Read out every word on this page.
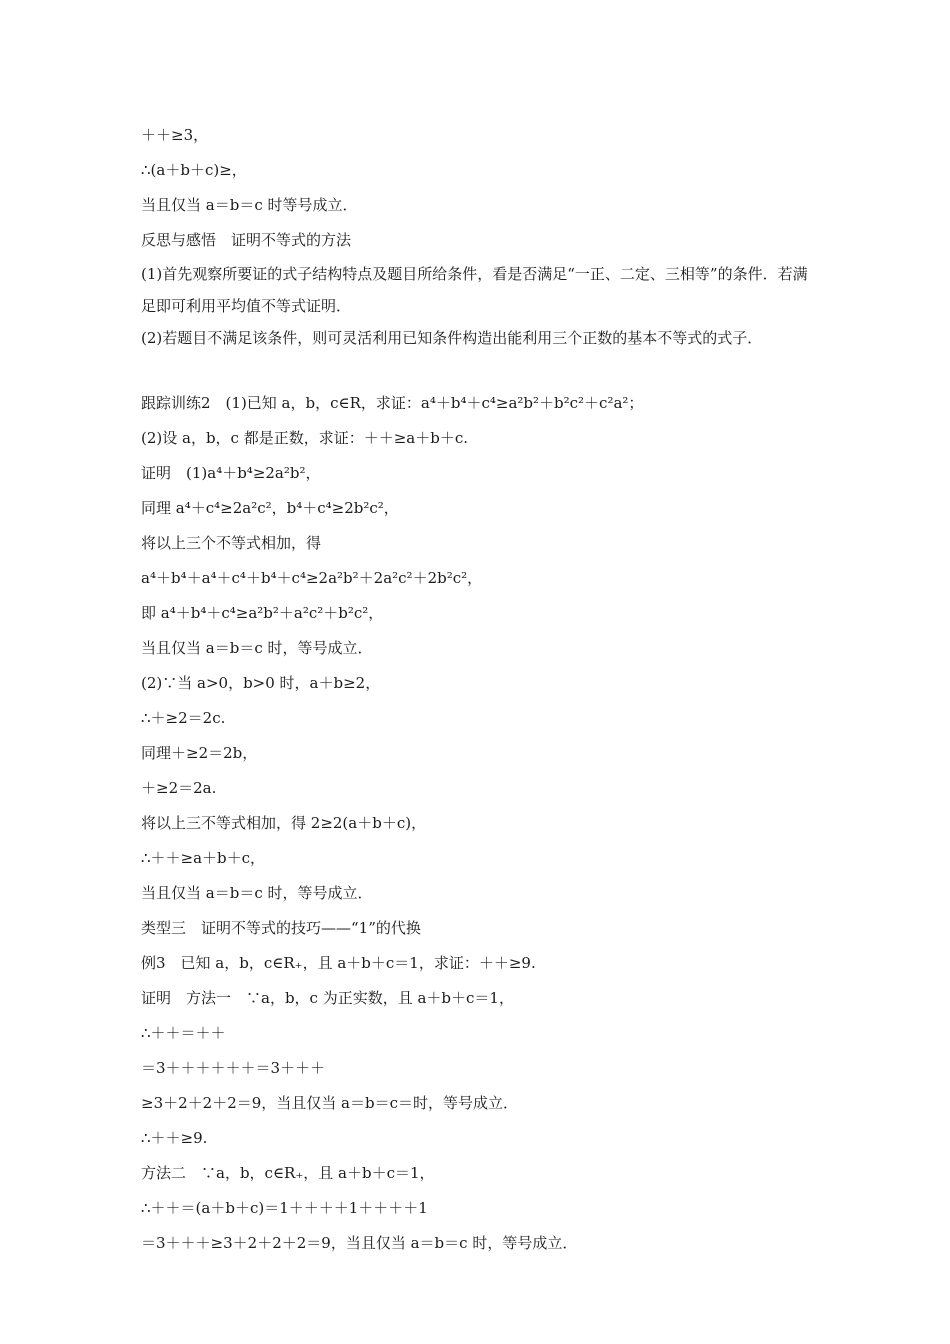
＋＋≥3，
∴(a＋b＋c)≥，
当且仅当 a＝b＝c 时等号成立．
反思与感悟　证明不等式的方法
(1)首先观察所要证的式子结构特点及题目所给条件，看是否满足“一正、二定、三相等”的条件．若满足即可利用平均值不等式证明．
(2)若题目不满足该条件，则可灵活利用已知条件构造出能利用三个正数的基本不等式的式子．
跟踪训练2　(1)已知 a，b，c∈R，求证：a⁴＋b⁴＋c⁴≥a²b²＋b²c²＋c²a²；
(2)设 a，b，c 都是正数，求证：＋＋≥a＋b＋c.
证明　(1)a⁴＋b⁴≥2a²b²，
同理 a⁴＋c⁴≥2a²c²，b⁴＋c⁴≥2b²c²，
将以上三个不等式相加，得
a⁴＋b⁴＋a⁴＋c⁴＋b⁴＋c⁴≥2a²b²＋2a²c²＋2b²c²，
即 a⁴＋b⁴＋c⁴≥a²b²＋a²c²＋b²c²，
当且仅当 a＝b＝c 时，等号成立．
(2)∵当 a>0，b>0 时，a＋b≥2，
∴＋≥2＝2c.
同理＋≥2＝2b，
＋≥2＝2a.
将以上三不等式相加，得 2≥2(a＋b＋c)，
∴＋＋≥a＋b＋c，
当且仅当 a＝b＝c 时，等号成立．
类型三　证明不等式的技巧——“1”的代换
例3　已知 a，b，c∈R₊，且 a＋b＋c＝1，求证：＋＋≥9.
证明　方法一　∵a，b，c 为正实数，且 a＋b＋c＝1，
∴＋＋＝＋＋
＝3＋＋＋＋＋＋＝3＋＋＋
≥3＋2＋2＋2＝9，当且仅当 a＝b＝c＝时，等号成立．
∴＋＋≥9.
方法二　∵a，b，c∈R₊，且 a＋b＋c＝1，
∴＋＋＝(a＋b＋c)＝1＋＋＋＋1＋＋＋＋1
＝3＋＋＋≥3＋2＋2＋2＝9，当且仅当 a＝b＝c 时，等号成立．
